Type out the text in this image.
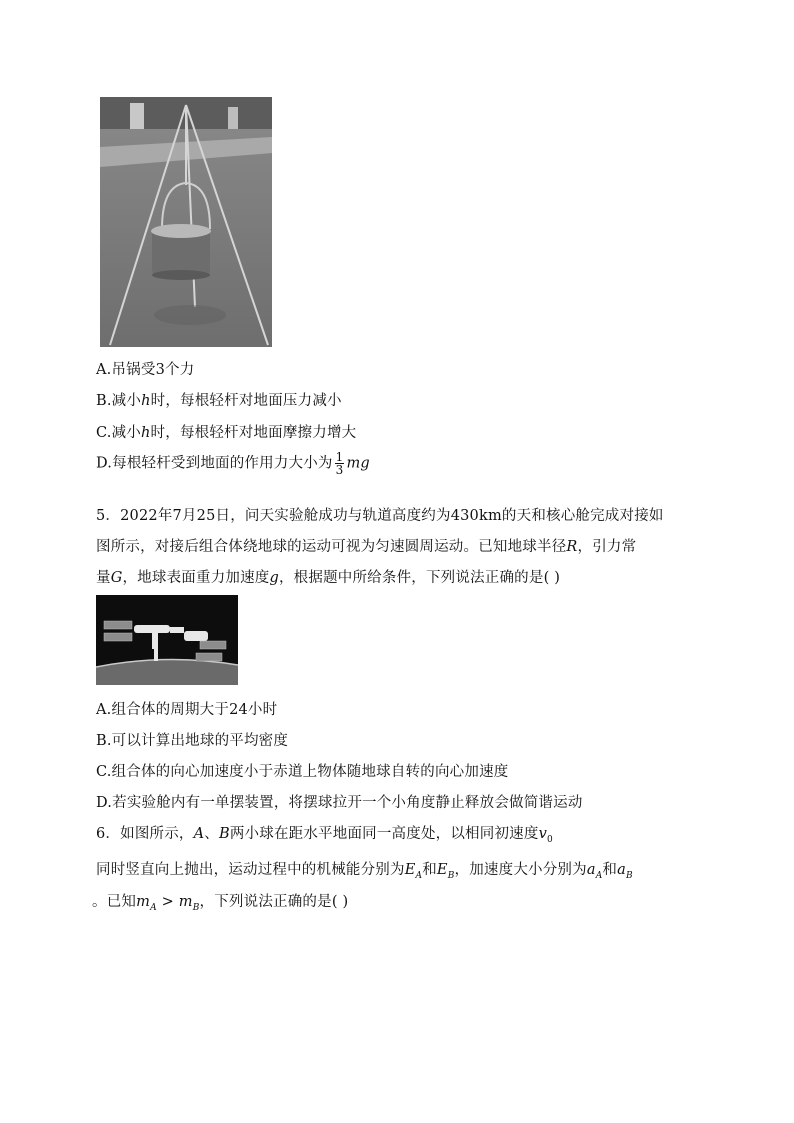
A.吊锅受3个力
B.减小h时，每根轻杆对地面压力减小
C.减小h时，每根轻杆对地面摩擦力增大
D.每根轻杆受到地面的作用力大小为 $\frac{1}{3}$ mg
5．2022年7月25日，问天实验舱成功与轨道高度约为430km的天和核心舱完成对接如
图所示，对接后组合体绕地球的运动可视为匀速圆周运动。已知地球半径R，引力常
量G，地球表面重力加速度g，根据题中所给条件，下列说法正确的是( )
A.组合体的周期大于24小时
B.可以计算出地球的平均密度
C.组合体的向心加速度小于赤道上物体随地球自转的向心加速度
D.若实验舱内有一单摆装置，将摆球拉开一个小角度静止释放会做简谐运动
6．如图所示，A、B两小球在距水平地面同一高度处，以相同初速度$v_0$
同时竖直向上抛出，运动过程中的机械能分别为$E_A$和$E_B$，加速度大小分别为$a_A$和$a_B$
。已知$m_A > m_B$，下列说法正确的是( )
